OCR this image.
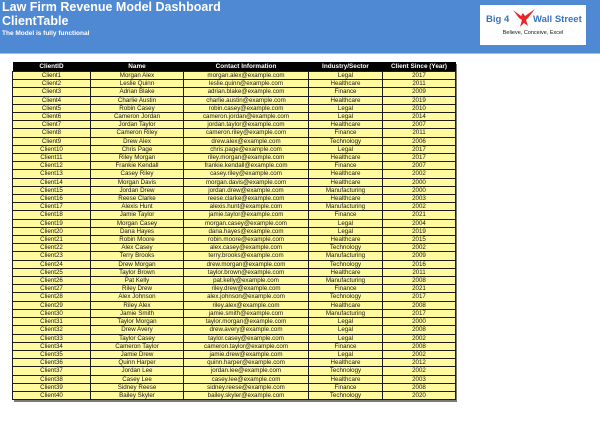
Law Firm Revenue Model Dashboard
ClientTable
The Model is fully functional
Big 4	Wall Street
Believe, Conceive, Excel
ClientID	Name	Contact Information	Industry/Sector	Client Since (Year)
Client1	Morgan Alex	morgan.alex@example.com	Legal	2017
Client2	Leslie Quinn	leslie.quinn@example.com	Healthcare	2011
Client3	Adrian Blake	adrian.blake@example.com	Finance	2009
Client4	Charlie Austin	charlie.austin@example.com	Healthcare	2019
Client5	Robin Casey	robin.casey@example.com	Legal	2010
Client6	Cameron Jordan	cameron.jordan@example.com	Legal	2014
Client7	Jordan Taylor	jordan.taylor@example.com	Healthcare	2007
Client8	Cameron Riley	cameron.riley@example.com	Finance	2011
Client9	Drew Alex	drew.alex@example.com	Technology	2006
Client10	Chris Page	chris.page@example.com	Legal	2017
Client11	Riley Morgan	riley.morgan@example.com	Healthcare	2017
Client12	Frankie Kendall	frankie.kendall@example.com	Finance	2007
Client13	Casey Riley	casey.riley@example.com	Healthcare	2002
Client14	Morgan Davis	morgan.davis@example.com	Healthcare	2000
Client15	Jordan Drew	jordan.drew@example.com	Manufacturing	2000
Client16	Reese Clarke	reese.clarke@example.com	Healthcare	2003
Client17	Alexis Hunt	alexis.hunt@example.com	Manufacturing	2002
Client18	Jamie Taylor	jamie.taylor@example.com	Finance	2021
Client19	Morgan Casey	morgan.casey@example.com	Legal	2004
Client20	Dana Hayes	dana.hayes@example.com	Legal	2019
Client21	Robin Moore	robin.moore@example.com	Healthcare	2015
Client22	Alex Casey	alex.casey@example.com	Technology	2002
Client23	Terry Brooks	terry.brooks@example.com	Manufacturing	2009
Client24	Drew Morgan	drew.morgan@example.com	Technology	2016
Client25	Taylor Brown	taylor.brown@example.com	Healthcare	2011
Client26	Pat Kelly	pat.kelly@example.com	Manufacturing	2008
Client27	Riley Drew	riley.drew@example.com	Finance	2021
Client28	Alex Johnson	alex.johnson@example.com	Technology	2017
Client29	Riley Alex	riley.alex@example.com	Healthcare	2008
Client30	Jamie Smith	jamie.smith@example.com	Manufacturing	2017
Client31	Taylor Morgan	taylor.morgan@example.com	Legal	2000
Client32	Drew Avery	drew.avery@example.com	Legal	2008
Client33	Taylor Casey	taylor.casey@example.com	Legal	2002
Client34	Cameron Taylor	cameron.taylor@example.com	Finance	2008
Client35	Jamie Drew	jamie.drew@example.com	Legal	2002
Client36	Quinn Harper	quinn.harper@example.com	Healthcare	2012
Client37	Jordan Lee	jordan.lee@example.com	Technology	2002
Client38	Casey Lee	casey.lee@example.com	Healthcare	2003
Client39	Sidney Reese	sidney.reese@example.com	Finance	2008
Client40	Bailey Skyler	bailey.skyler@example.com	Technology	2020
